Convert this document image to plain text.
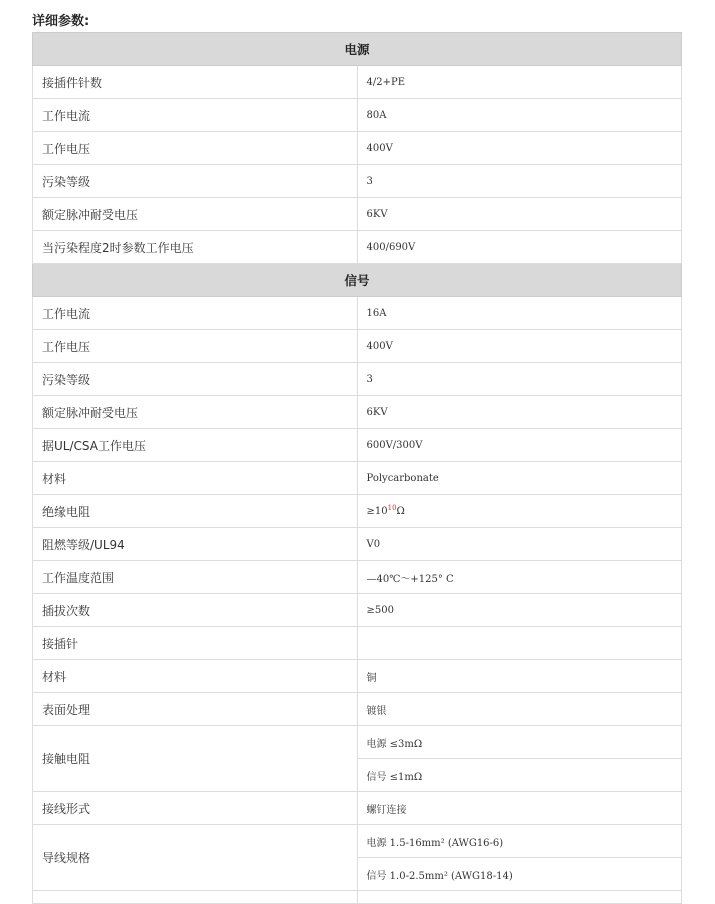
详细参数:
电源	
接插件针数	4/2+PE
工作电流	80A
工作电压	400V
污染等级	3
额定脉冲耐受电压	6KV
当污染程度2时参数工作电压	400/690V
信号	
工作电流	16A
工作电压	400V
污染等级	3
额定脉冲耐受电压	6KV
据UL/CSA工作电压	600V/300V
材料	Polycarbonate
绝缘电阻	$\ge 10^{10}\Omega$
阻燃等级/UL94	V0
工作温度范围	—40℃～+125° C
插拔次数	≥500
接插针	
材料	铜
表面处理	镀银
接触电阻	电源 ≤3mΩ
	信号 ≤1mΩ
接线形式	螺钉连接
导线规格	电源 1.5-16mm² (AWG16-6)
	信号 1.0-2.5mm² (AWG18-14)
